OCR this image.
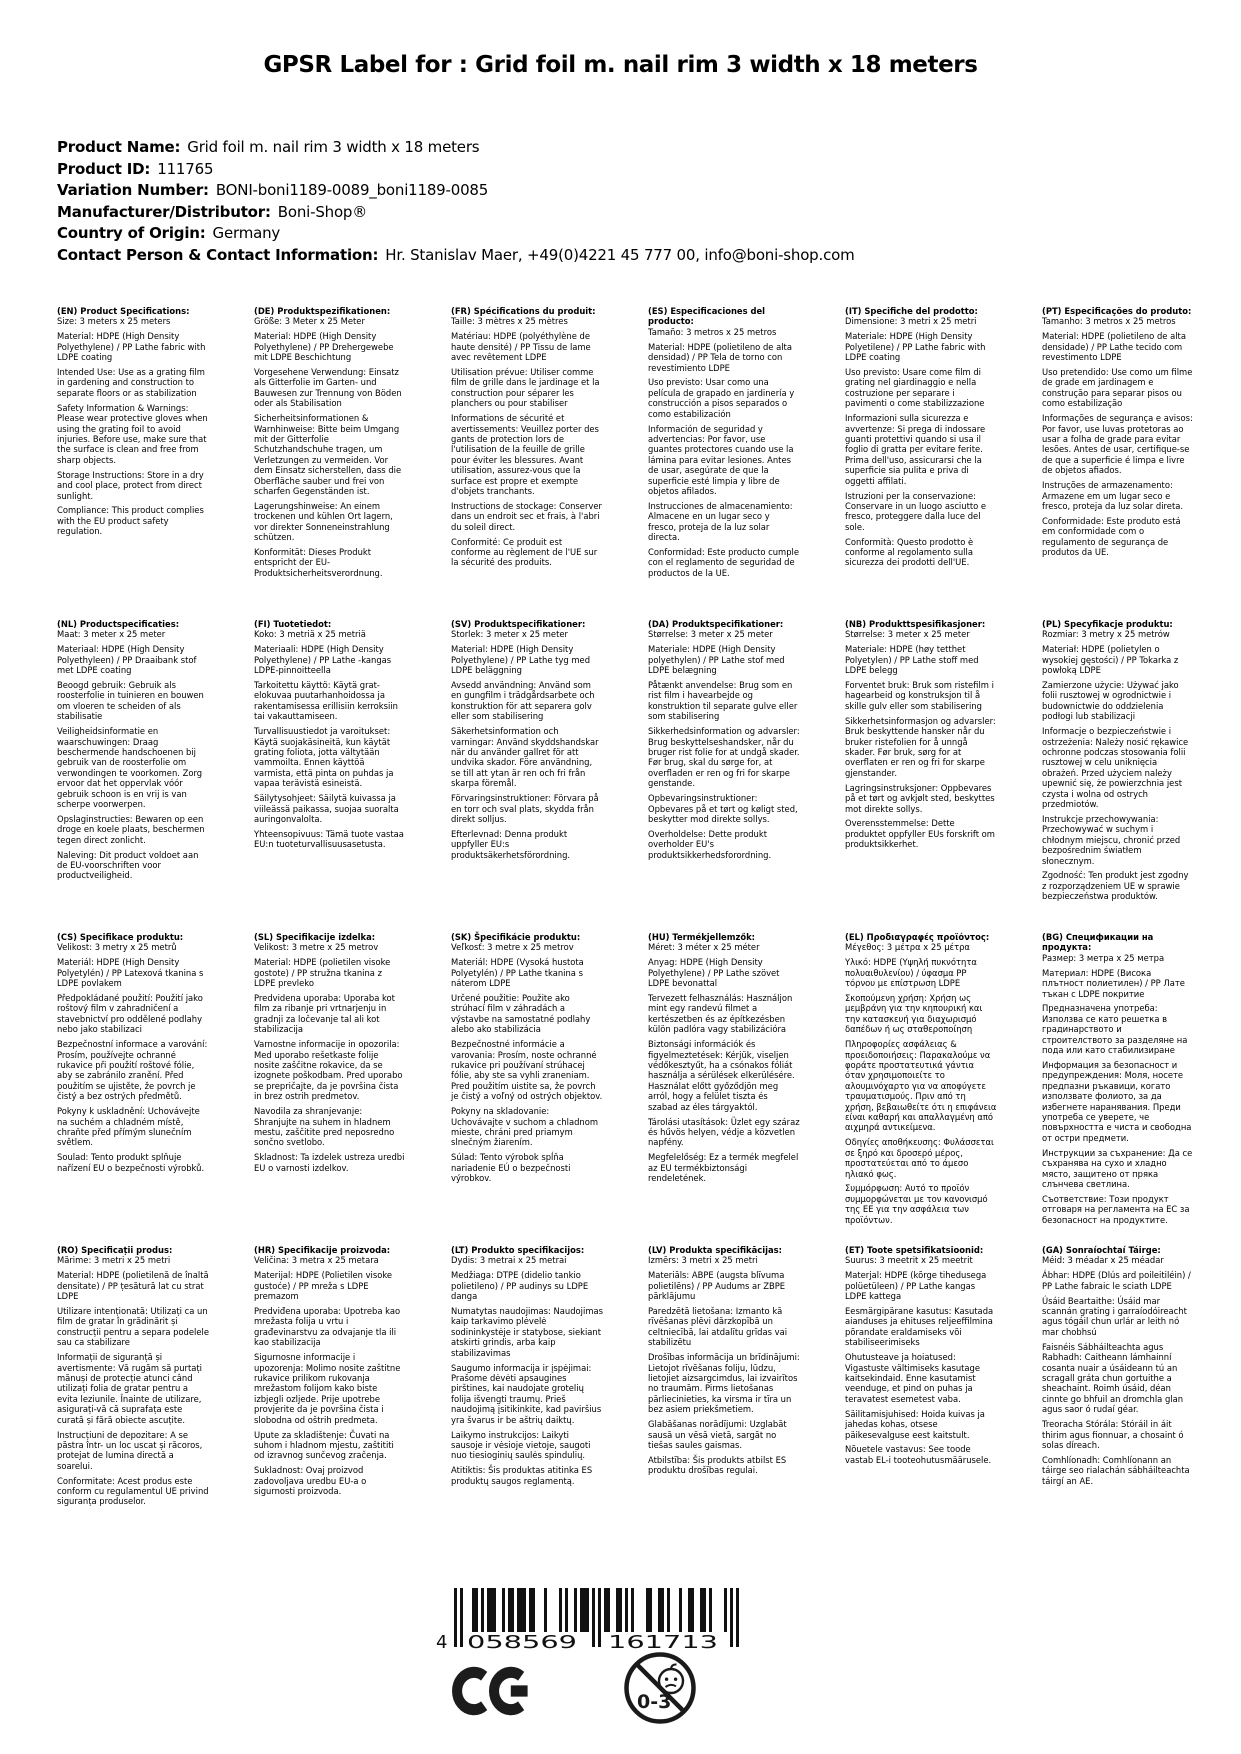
GPSR Label for : Grid foil m. nail rim 3 width x 18 meters
Product Name: Grid foil m. nail rim 3 width x 18 meters
Product ID: 111765
Variation Number: BONI-boni1189-0089_boni1189-0085
Manufacturer/Distributor: Boni-Shop®
Country of Origin: Germany
Contact Person & Contact Information: Hr. Stanislav Maer, +49(0)4221 45 777 00, info@boni-shop.com
(EN) Product Specifications:

Size: 3 meters x 25 meters

Material: HDPE (High Density Polyethylene) / PP Lathe fabric with LDPE coating

Intended Use: Use as a grating film in gardening and construction to separate floors or as stabilization

Safety Information & Warnings: Please wear protective gloves when using the grating foil to avoid injuries. Before use, make sure that the surface is clean and free from sharp objects.

Storage Instructions: Store in a dry and cool place, protect from direct sunlight.

Compliance: This product complies with the EU product safety regulation.

(DE) Produktspezifikationen:

Größe: 3 Meter x 25 Meter

Material: HDPE (High Density Polyethylene) / PP Drehergewebe mit LDPE Beschichtung

Vorgesehene Verwendung: Einsatz als Gitterfolie im Garten- und Bauwesen zur Trennung von Böden oder als Stabilisation

Sicherheitsinformationen & Warnhinweise: Bitte beim Umgang mit der Gitterfolie Schutzhandschuhe tragen, um Verletzungen zu vermeiden. Vor dem Einsatz sicherstellen, dass die Oberfläche sauber und frei von scharfen Gegenständen ist.

Lagerungshinweise: An einem trockenen und kühlen Ort lagern, vor direkter Sonneneinstrahlung schützen.

Konformität: Dieses Produkt entspricht der EU-Produktsicherheitsverordnung.

(FR) Spécifications du produit:

Taille: 3 mètres x 25 mètres

Matériau: HDPE (polyéthylène de haute densité) / PP Tissu de lame avec revêtement LDPE

Utilisation prévue: Utiliser comme film de grille dans le jardinage et la construction pour séparer les planchers ou pour stabiliser

Informations de sécurité et avertissements: Veuillez porter des gants de protection lors de l'utilisation de la feuille de grille pour éviter les blessures. Avant utilisation, assurez-vous que la surface est propre et exempte d'objets tranchants.

Instructions de stockage: Conserver dans un endroit sec et frais, à l'abri du soleil direct.

Conformité: Ce produit est conforme au règlement de l'UE sur la sécurité des produits.

(ES) Especificaciones del producto:

Tamaño: 3 metros x 25 metros

Material: HDPE (polietileno de alta densidad) / PP Tela de torno con revestimiento LDPE

Uso previsto: Usar como una película de grapado en jardinería y construcción a pisos separados o como estabilización

Información de seguridad y advertencias: Por favor, use guantes protectores cuando use la lámina para evitar lesiones. Antes de usar, asegúrate de que la superficie esté limpia y libre de objetos afilados.

Instrucciones de almacenamiento: Almacene en un lugar seco y fresco, proteja de la luz solar directa.

Conformidad: Este producto cumple con el reglamento de seguridad de productos de la UE.

(IT) Specifiche del prodotto:

Dimensione: 3 metri x 25 metri

Materiale: HDPE (High Density Polyetilene) / PP Lathe fabric with LDPE coating

Uso previsto: Usare come film di grating nel giardinaggio e nella costruzione per separare i pavimenti o come stabilizzazione

Informazioni sulla sicurezza e avvertenze: Si prega di indossare guanti protettivi quando si usa il foglio di gratta per evitare ferite. Prima dell'uso, assicurarsi che la superficie sia pulita e priva di oggetti affilati.

Istruzioni per la conservazione: Conservare in un luogo asciutto e fresco, proteggere dalla luce del sole.

Conformità: Questo prodotto è conforme al regolamento sulla sicurezza dei prodotti dell'UE.

(PT) Especificações do produto:

Tamanho: 3 metros x 25 metros

Material: HDPE (polietileno de alta densidade) / PP Lathe tecido com revestimento LDPE

Uso pretendido: Use como um filme de grade em jardinagem e construção para separar pisos ou como estabilização

Informações de segurança e avisos: Por favor, use luvas protetoras ao usar a folha de grade para evitar lesões. Antes de usar, certifique-se de que a superficie é limpa e livre de objetos afiados.

Instruções de armazenamento: Armazene em um lugar seco e fresco, proteja da luz solar direta.

Conformidade: Este produto está em conformidade com o regulamento de segurança de produtos da UE.

(NL) Productspecificaties:

Maat: 3 meter x 25 meter

Materiaal: HDPE (High Density Polyethyleen) / PP Draaibank stof met LDPE coating

Beoogd gebruik: Gebruik als roosterfolie in tuinieren en bouwen om vloeren te scheiden of als stabilisatie

Veiligheidsinformatie en waarschuwingen: Draag beschermende handschoenen bij gebruik van de roosterfolie om verwondingen te voorkomen. Zorg ervoor dat het oppervlak vóór gebruik schoon is en vrij is van scherpe voorwerpen.

Opslaginstructies: Bewaren op een droge en koele plaats, beschermen tegen direct zonlicht.

Naleving: Dit product voldoet aan de EU-voorschriften voor productveiligheid.

(FI) Tuotetiedot:

Koko: 3 metriä x 25 metriä

Materiaali: HDPE (High Density Polyethylene) / PP Lathe -kangas LDPE-pinnoitteella

Tarkoitettu käyttö: Käytä grat-elokuvaa puutarhanhoidossa ja rakentamisessa erillisiin kerroksiin tai vakauttamiseen.

Turvallisuustiedot ja varoitukset: Käytä suojakäsineitä, kun käytät grating foliota, jotta vältytään vammoilta. Ennen käyttöä varmista, että pinta on puhdas ja vapaa terävistä esineistä.

Säilytysohjeet: Säilytä kuivassa ja viileässä paikassa, suojaa suoralta auringonvalolta.

Yhteensopivuus: Tämä tuote vastaa EU:n tuoteturvallisuusasetusta.

(SV) Produktspecifikationer:

Storlek: 3 meter x 25 meter

Material: HDPE (High Density Polyethylene) / PP Lathe tyg med LDPE beläggning

Avsedd användning: Använd som en gungfilm i trädgårdsarbete och konstruktion för att separera golv eller som stabilisering

Säkerhetsinformation och varningar: Använd skyddshandskar när du använder gallret för att undvika skador. Före användning, se till att ytan är ren och fri från skarpa föremål.

Förvaringsinstruktioner: Förvara på en torr och sval plats, skydda från direkt solljus.

Efterlevnad: Denna produkt uppfyller EU:s produktsäkerhetsförordning.

(DA) Produktspecifikationer:

Størrelse: 3 meter x 25 meter

Materiale: HDPE (High Density polyethylen) / PP Lathe stof med LDPE belægning

Påtænkt anvendelse: Brug som en rist film i havearbejde og konstruktion til separate gulve eller som stabilisering

Sikkerhedsinformation og advarsler: Brug beskyttelseshandsker, når du bruger rist folie for at undgå skader. Før brug, skal du sørge for, at overfladen er ren og fri for skarpe genstande.

Opbevaringsinstruktioner: Opbevares på et tørt og køligt sted, beskytter mod direkte sollys.

Overholdelse: Dette produkt overholder EU's produktsikkerhedsforordning.

(NB) Produkttspesifikasjoner:

Størrelse: 3 meter x 25 meter

Materiale: HDPE (høy tetthet Polyetylen) / PP Lathe stoff med LDPE belegg

Forventet bruk: Bruk som ristefilm i hagearbeid og konstruksjon til å skille gulv eller som stabilisering

Sikkerhetsinformasjon og advarsler: Bruk beskyttende hansker når du bruker ristefolien for å unngå skader. Før bruk, sørg for at overflaten er ren og fri for skarpe gjenstander.

Lagringsinstruksjoner: Oppbevares på et tørt og avkjølt sted, beskyttes mot direkte sollys.

Overensstemmelse: Dette produktet oppfyller EUs forskrift om produktsikkerhet.

(PL) Specyfikacje produktu:

Rozmiar: 3 metry x 25 metrów

Materiał: HDPE (polietylen o wysokiej gęstości) / PP Tokarka z powłoką LDPE

Zamierzone użycie: Używać jako folii rusztowej w ogrodnictwie i budownictwie do oddzielenia podłogi lub stabilizacji

Informacje o bezpieczeństwie i ostrzeżenia: Należy nosić rękawice ochronne podczas stosowania folii rusztowej w celu uniknięcia obrażeń. Przed użyciem należy upewnić się, że powierzchnia jest czysta i wolna od ostrych przedmiotów.

Instrukcje przechowywania: Przechowywać w suchym i chłodnym miejscu, chronić przed bezpośrednim światłem słonecznym.

Zgodność: Ten produkt jest zgodny z rozporządzeniem UE w sprawie bezpieczeństwa produktów.

(CS) Specifikace produktu:

Velikost: 3 metry x 25 metrů

Materiál: HDPE (High Density Polyetylén) / PP Latexová tkanina s LDPE povlakem

Předpokládané použití: Použití jako roštový film v zahradničení a stavebnictví pro oddělené podlahy nebo jako stabilizaci

Bezpečnostní informace a varování: Prosím, používejte ochranné rukavice při použití roštové fólie, aby se zabránilo zranění. Před použitím se ujistěte, že povrch je čistý a bez ostrých předmětů.

Pokyny k uskladnění: Uchovávejte na suchém a chladném místě, chraňte před přímým slunečním světlem.

Soulad: Tento produkt splňuje nařízení EU o bezpečnosti výrobků.

(SL) Specifikacije izdelka:

Velikost: 3 metre x 25 metrov

Material: HDPE (polietilen visoke gostote) / PP stružna tkanina z LDPE prevleko

Predvidena uporaba: Uporaba kot film za ribanje pri vrtnarjenju in gradnji za ločevanje tal ali kot stabilizacija

Varnostne informacije in opozorila: Med uporabo rešetkaste folije nosite zaščitne rokavice, da se izognete poškodbam. Pred uporabo se prepričajte, da je površina čista in brez ostrih predmetov.

Navodila za shranjevanje: Shranjujte na suhem in hladnem mestu, zaščitite pred neposredno sončno svetlobo.

Skladnost: Ta izdelek ustreza uredbi EU o varnosti izdelkov.

(SK) Špecifikácie produktu:

Veľkosť: 3 metre x 25 metrov

Materiál: HDPE (Vysoká hustota Polyetylén) / PP Lathe tkanina s náterom LDPE

Určené použitie: Použite ako strúhací film v záhradách a výstavbe na samostatné podlahy alebo ako stabilizácia

Bezpečnostné informácie a varovania: Prosím, noste ochranné rukavice pri používaní strúhacej fólie, aby ste sa vyhli zraneniam. Pred použitím uistite sa, že povrch je čistý a voľný od ostrých objektov.

Pokyny na skladovanie: Uchovávajte v suchom a chladnom mieste, chráni pred priamym slnečným žiarením.

Súlad: Tento výrobok spĺňa nariadenie EÚ o bezpečnosti výrobkov.

(HU) Termékjellemzők:

Méret: 3 méter x 25 méter

Anyag: HDPE (High Density Polyethylene) / PP Lathe szövet LDPE bevonattal

Tervezett felhasználás: Használjon mint egy randevú filmet a kertészetben és az építkezésben külön padlóra vagy stabilizációra

Biztonsági információk és figyelmeztetések: Kérjük, viseljen védőkesztyűt, ha a csónakos fóliát használja a sérülések elkerülésére. Használat előtt győződjön meg arról, hogy a felület tiszta és szabad az éles tárgyaktól.

Tárolási utasítások: Üzlet egy száraz és hűvös helyen, védje a közvetlen napfény.

Megfelelőség: Ez a termék megfelel az EU termékbiztonsági rendeletének.

(EL) Προδιαγραφές προϊόντος:

Μέγεθος: 3 μέτρα x 25 μέτρα

Υλικό: HDPE (Υψηλή πυκνότητα πολυαιθυλενίου) / ύφασμα PP τόρνου με επίστρωση LDPE

Σκοπούμενη χρήση: Χρήση ως μεμβράνη για την κηπουρική και την κατασκευή για διαχωρισμό δαπέδων ή ως σταθεροποίηση

Πληροφορίες ασφάλειας & προειδοποιήσεις: Παρακαλούμε να φοράτε προστατευτικά γάντια όταν χρησιμοποιείτε το αλουμινόχαρτο για να αποφύγετε τραυματισμούς. Πριν από τη χρήση, βεβαιωθείτε ότι η επιφάνεια είναι καθαρή και απαλλαγμένη από αιχμηρά αντικείμενα.

Οδηγίες αποθήκευσης: Φυλάσσεται σε ξηρό και δροσερό μέρος, προστατεύεται από το άμεσο ηλιακό φως.

Συμμόρφωση: Αυτό το προϊόν συμμορφώνεται με τον κανονισμό της ΕΕ για την ασφάλεια των προϊόντων.

(BG) Спецификации на продукта:

Размер: 3 метра x 25 метра

Материал: HDPE (Висока плътност полиетилен) / PP Лате тъкан с LDPE покритие

Предназначена употреба: Използва се като решетка в градинарството и строителството за разделяне на пода или като стабилизиране

Информация за безопасност и предупреждения: Моля, носете предпазни ръкавици, когато използвате фолиото, за да избегнете наранявания. Преди употреба се уверете, че повърхността е чиста и свободна от остри предмети.

Инструкции за съхранение: Да се съхранява на сухо и хладно място, защитено от пряка слънчева светлина.

Съответствие: Този продукт отговаря на регламента на ЕС за безопасност на продуктите.

(RO) Specificații produs:

Mărime: 3 metri x 25 metri

Material: HDPE (polietilenă de înaltă densitate) / PP țesătură lat cu strat LDPE

Utilizare intenționată: Utilizați ca un film de gratar în grădinărit și construcții pentru a separa podelele sau ca stabilizare

Informații de siguranță și avertismente: Vă rugăm să purtați mănuși de protecție atunci când utilizați folia de gratar pentru a evita leziunile. Înainte de utilizare, asigurați-vă că suprafața este curată și fără obiecte ascuțite.

Instrucțiuni de depozitare: A se păstra într- un loc uscat și răcoros, protejat de lumina directă a soarelui.

Conformitate: Acest produs este conform cu regulamentul UE privind siguranța produselor.

(HR) Specifikacije proizvoda:

Veličina: 3 metra x 25 metara

Materijal: HDPE (Polietilen visoke gustoće) / PP mreža s LDPE premazom

Predviđena uporaba: Upotreba kao mrežasta folija u vrtu i građevinarstvu za odvajanje tla ili kao stabilizacija

Sigurnosne informacije i upozorenja: Molimo nosite zaštitne rukavice prilikom rukovanja mrežastom folijom kako biste izbjegli ozljede. Prije upotrebe provjerite da je površina čista i slobodna od oštrih predmeta.

Upute za skladištenje: Čuvati na suhom i hladnom mjestu, zaštititi od izravnog sunčevog zračenja.

Sukladnost: Ovaj proizvod zadovoljava uredbu EU-a o sigurnosti proizvoda.

(LT) Produkto specifikacijos:

Dydis: 3 metrai x 25 metrai

Medžiaga: DTPE (didelio tankio polietileno) / PP audinys su LDPE danga

Numatytas naudojimas: Naudojimas kaip tarkavimo plėvelė sodininkystėje ir statybose, siekiant atskirti grindis, arba kaip stabilizavimas

Saugumo informacija ir įspėjimai: Prašome dėvėti apsaugines pirštines, kai naudojate grotelių folija išvengti traumų. Prieš naudojimą įsitikinkite, kad paviršius yra švarus ir be aštrių daiktų.

Laikymo instrukcijos: Laikyti sausoje ir vėsioje vietoje, saugoti nuo tiesioginių saulės spindulių.

Atitiktis: Šis produktas atitinka ES produktų saugos reglamentą.

(LV) Produkta specifikācijas:

Izmērs: 3 metri x 25 metri

Materiāls: ABPE (augsta blīvuma polietilēns) / PP Audums ar ZBPE pārklājumu

Paredzētā lietošana: Izmanto kā rīvēšanas plēvi dārzkopībā un celtniecībā, lai atdalītu grīdas vai stabilizētu

Drošības informācija un brīdinājumi: Lietojot rīvēšanas foliju, lūdzu, lietojiet aizsargcimdus, lai izvairītos no traumām. Pirms lietošanas pārliecinieties, ka virsma ir tīra un bez asiem priekšmetiem.

Glabāšanas norādījumi: Uzglabāt sausā un vēsā vietā, sargāt no tiešas saules gaismas.

Atbilstība: Šis produkts atbilst ES produktu drošības regulai.

(ET) Toote spetsifikatsioonid:

Suurus: 3 meetrit x 25 meetrit

Materjal: HDPE (kõrge tihedusega polüetüleen) / PP Lathe kangas LDPE kattega

Eesmärgipärane kasutus: Kasutada aianduses ja ehituses reljeeffilmina põrandate eraldamiseks või stabiliseerimiseks

Ohutusteave ja hoiatused: Vigastuste vältimiseks kasutage kaitsekindaid. Enne kasutamist veenduge, et pind on puhas ja teravatest esemetest vaba.

Säilitamisjuhised: Hoida kuivas ja jahedas kohas, otsese päikesevalguse eest kaitstult.

Nõuetele vastavus: See toode vastab EL-i tooteohutusmäärusele.

(GA) Sonraíochtaí Táirge:

Méid: 3 méadar x 25 méadar

Ábhar: HDPE (Dlús ard poileitiléin) / PP Lathe fabraic le sciath LDPE

Úsáid Beartaithe: Úsáid mar scannán grating i garraíodóireacht agus tógáil chun urlár ar leith nó mar chobhsú

Faisnéis Sábháilteachta agus Rabhadh: Caitheann lámhainní cosanta nuair a úsáideann tú an scragall gráta chun gortuithe a sheachaint. Roimh úsáid, déan cinnte go bhfuil an dromchla glan agus saor ó rudaí géar.

Treoracha Stórála: Stóráil in áit thirim agus fionnuar, a chosaint ó solas díreach.

Comhlíonadh: Comhlíonann an táirge seo rialachán sábháilteachta táirgí an AE.

4 058569 161713
0-3
